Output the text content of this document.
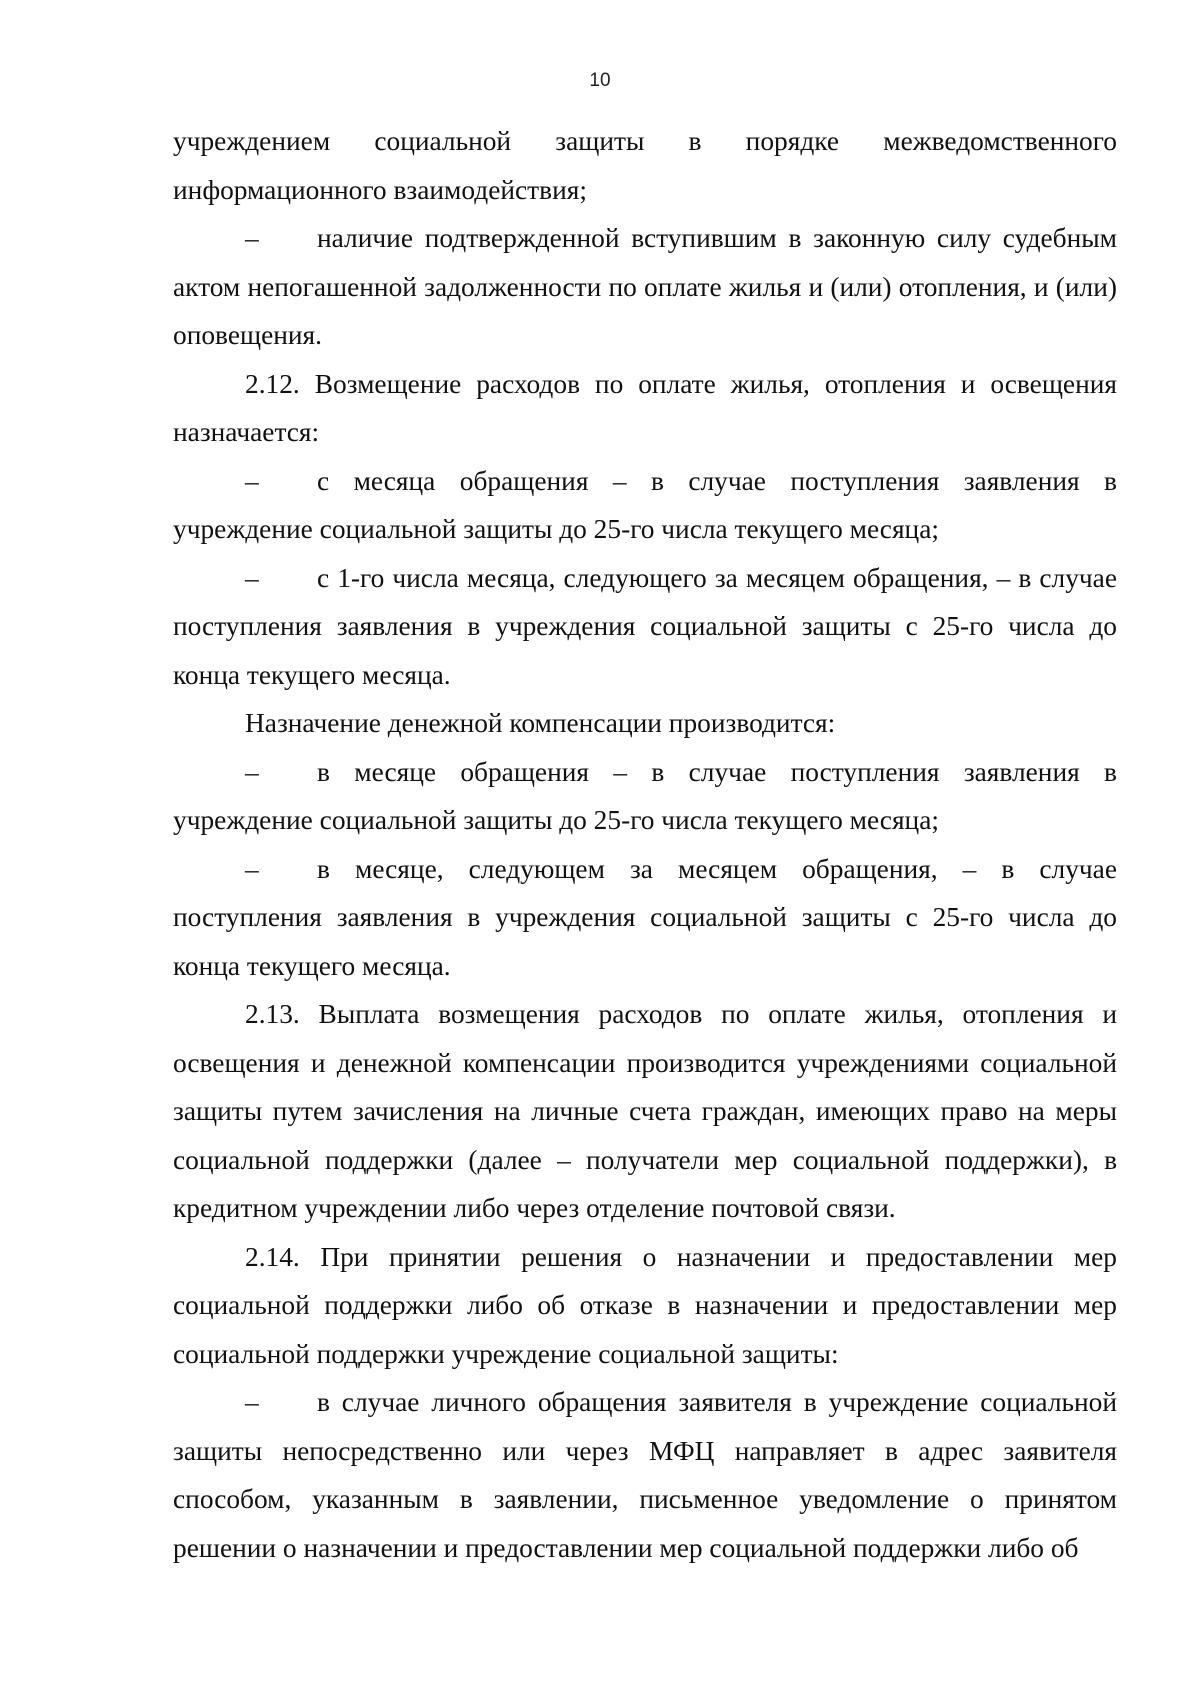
10

учреждением социальной защиты в порядке межведомственного информационного взаимодействия;

– наличие подтвержденной вступившим в законную силу судебным актом непогашенной задолженности по оплате жилья и (или) отопления, и (или) оповещения.

2.12. Возмещение расходов по оплате жилья, отопления и освещения назначается:

– с месяца обращения – в случае поступления заявления в учреждение социальной защиты до 25-го числа текущего месяца;

– с 1-го числа месяца, следующего за месяцем обращения, – в случае поступления заявления в учреждения социальной защиты с 25-го числа до конца текущего месяца.

Назначение денежной компенсации производится:

– в месяце обращения – в случае поступления заявления в учреждение социальной защиты до 25-го числа текущего месяца;

– в месяце, следующем за месяцем обращения, – в случае поступления заявления в учреждения социальной защиты с 25-го числа до конца текущего месяца.

2.13. Выплата возмещения расходов по оплате жилья, отопления и освещения и денежной компенсации производится учреждениями социальной защиты путем зачисления на личные счета граждан, имеющих право на меры социальной поддержки (далее – получатели мер социальной поддержки), в кредитном учреждении либо через отделение почтовой связи.

2.14. При принятии решения о назначении и предоставлении мер социальной поддержки либо об отказе в назначении и предоставлении мер социальной поддержки учреждение социальной защиты:

– в случае личного обращения заявителя в учреждение социальной защиты непосредственно или через МФЦ направляет в адрес заявителя способом, указанным в заявлении, письменное уведомление о принятом решении о назначении и предоставлении мер социальной поддержки либо об
